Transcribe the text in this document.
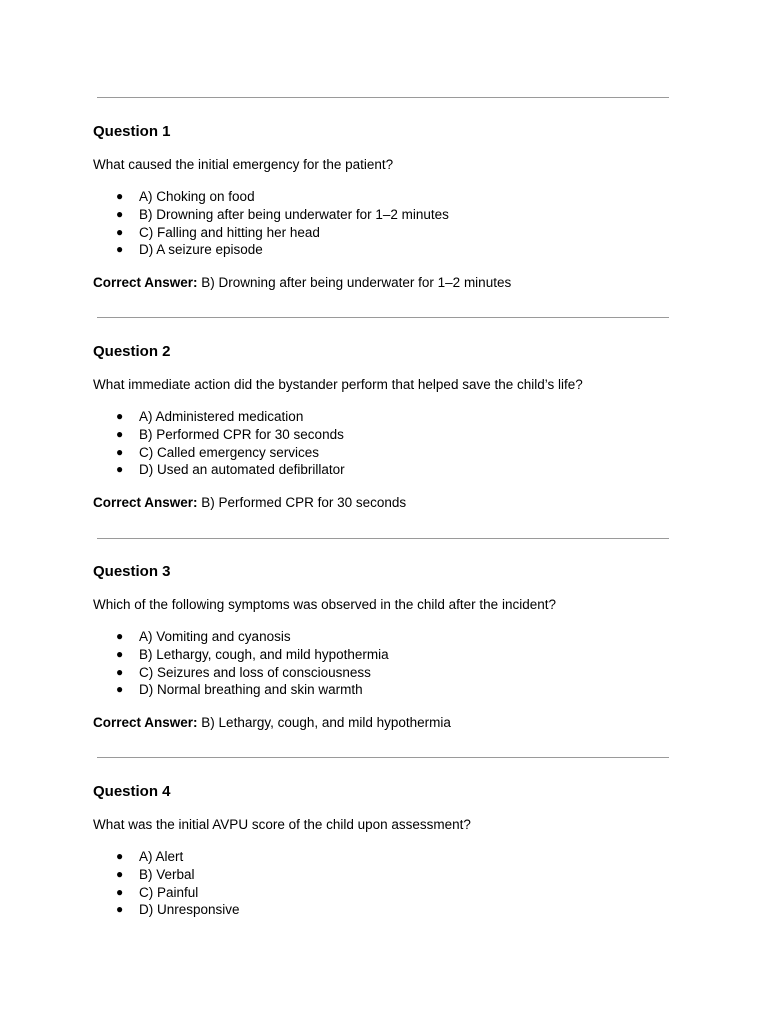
Question 1

What caused the initial emergency for the patient?

● A) Choking on food
● B) Drowning after being underwater for 1–2 minutes
● C) Falling and hitting her head
● D) A seizure episode

Correct Answer: B) Drowning after being underwater for 1–2 minutes

Question 2

What immediate action did the bystander perform that helped save the child’s life?

● A) Administered medication
● B) Performed CPR for 30 seconds
● C) Called emergency services
● D) Used an automated defibrillator

Correct Answer: B) Performed CPR for 30 seconds

Question 3

Which of the following symptoms was observed in the child after the incident?

● A) Vomiting and cyanosis
● B) Lethargy, cough, and mild hypothermia
● C) Seizures and loss of consciousness
● D) Normal breathing and skin warmth

Correct Answer: B) Lethargy, cough, and mild hypothermia

Question 4

What was the initial AVPU score of the child upon assessment?

● A) Alert
● B) Verbal
● C) Painful
● D) Unresponsive
